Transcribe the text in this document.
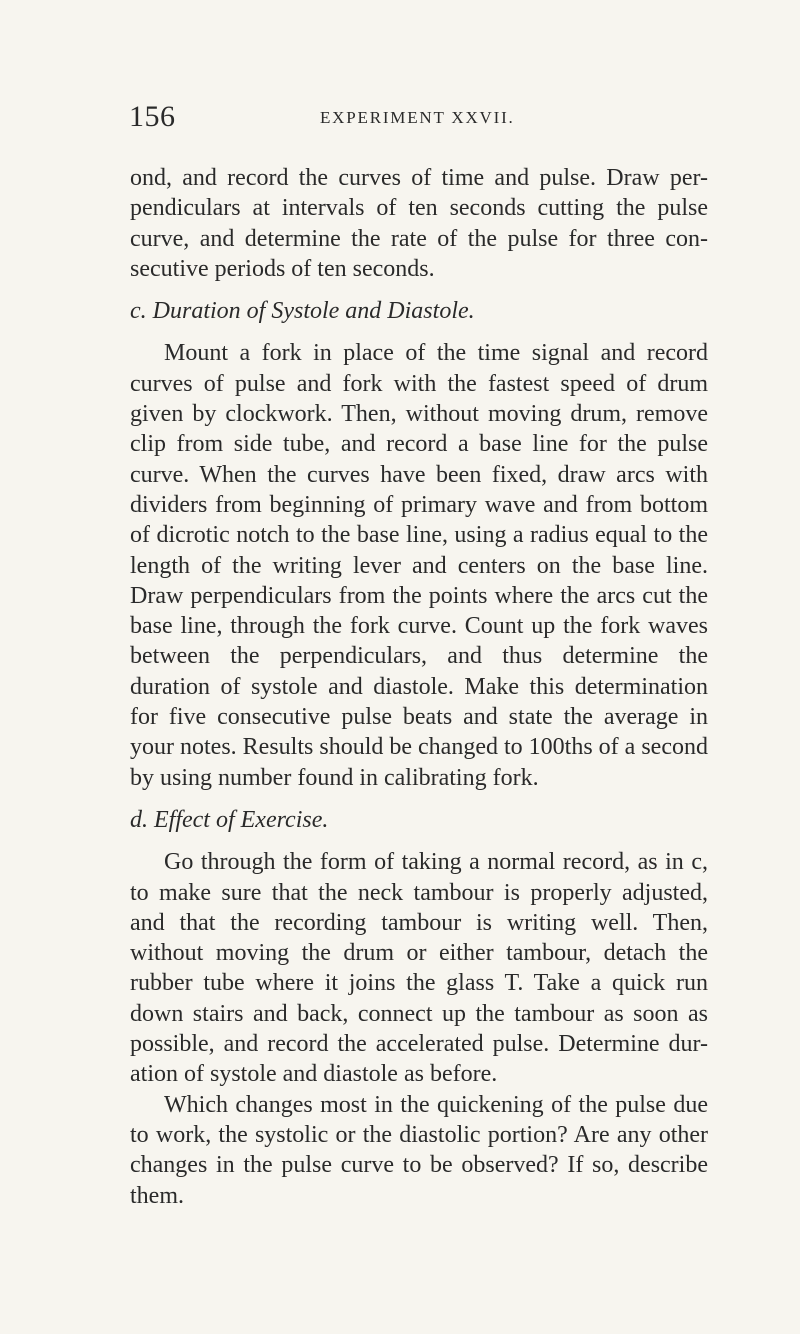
156	EXPERIMENT XXVII.

ond, and record the curves of time and pulse. Draw per- pendiculars at intervals of ten seconds cutting the pulse curve, and determine the rate of the pulse for three con- secutive periods of ten seconds.

c. Duration of Systole and Diastole.

Mount a fork in place of the time signal and record curves of pulse and fork with the fastest speed of drum given by clockwork. Then, without moving drum, remove clip from side tube, and record a base line for the pulse curve. When the curves have been fixed, draw arcs with dividers from beginning of primary wave and from bottom of dicrotic notch to the base line, using a radius equal to the length of the writing lever and centers on the base line. Draw perpendiculars from the points where the arcs cut the base line, through the fork curve. Count up the fork waves between the perpendiculars, and thus determine the duration of systole and diastole. Make this determination for five consecutive pulse beats and state the average in your notes. Results should be changed to 100ths of a second by using number found in calibrating fork.

d. Effect of Exercise.

Go through the form of taking a normal record, as in c, to make sure that the neck tambour is properly adjusted, and that the recording tambour is writing well. Then, without moving the drum or either tambour, detach the rubber tube where it joins the glass T. Take a quick run down stairs and back, connect up the tambour as soon as possible, and record the accelerated pulse. Determine dur- ation of systole and diastole as before.

Which changes most in the quickening of the pulse due to work, the systolic or the diastolic portion? Are any other changes in the pulse curve to be observed? If so, describe them.
